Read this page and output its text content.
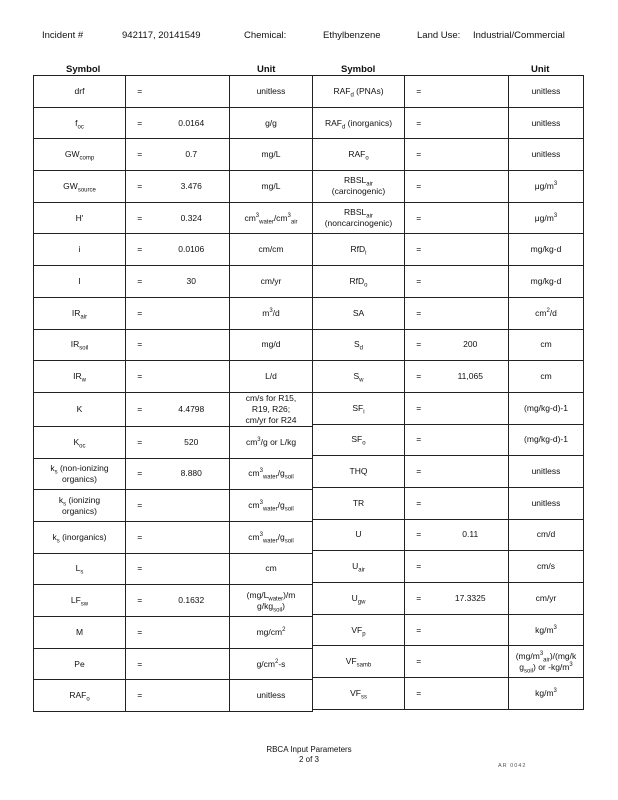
Incident #	942117, 20141549	Chemical:	Ethylbenzene	Land Use: Industrial/Commercial
Symbol	Unit	Symbol	Unit
drf	=		unitless
$f_{oc}$	=	0.0164	g/g
$GW_{comp}$	=	0.7	mg/L
$GW_{source}$	=	3.476	mg/L
H'	=	0.324	$cm^3_{water}/cm^3_{air}$
i	=	0.0106	cm/cm
I	=	30	cm/yr
$IR_{air}$	=		$m^3/d$
$IR_{soil}$	=		mg/d
$IR_w$	=		L/d
K	=	4.4798	cm/s for R15,
R19, R26;
cm/yr for R24
$K_{oc}$	=	520	$cm^3/g$ or L/kg
$k_s$ (non-ionizing
organics)	=	8.880	$cm^3_{water}/g_{soil}$
$k_s$ (ionizing
organics)	=		$cm^3_{water}/g_{soil}$
$k_s$ (inorganics)	=		$cm^3_{water}/g_{soil}$
$L_s$	=		cm
$LF_{sw}$	=	0.1632	$(mg/L_{water})/m$
$g/kg_{soil}$)
M	=		$mg/cm^2$
Pe	=		$g/cm^2-s$
$RAF_o$	=		unitless
$RAF_d$ (PNAs)	=		unitless
$RAF_d$ (inorganics)	=		unitless
$RAF_o$	=		unitless
$RBSL_{air}$
(carcinogenic)	=		$\mu g/m^3$
$RBSL_{air}$
(noncarcinogenic)	=		$\mu g/m^3$
RfD$_i$	=		mg/kg-d
RfD$_o$	=		mg/kg-d
SA	=		$cm^2/d$
$S_d$	=	200	cm
$S_w$	=	11,065	cm
$SF_i$	=		(mg/kg-d)-1
$SF_o$	=		(mg/kg-d)-1
THQ	=		unitless
TR	=		unitless
U	=	0.11	cm/d
$U_{air}$	=		cm/s
$U_{gw}$	=	17.3325	cm/yr
$VF_p$	=		$kg/m^3$
$VF_{samb}$	=		$(mg/m^3_{air})/(mg/k$
$g_{soil}$) or $-kg/m^3$
$VF_{ss}$	=		$kg/m^3$
RBCA Input Parameters
2 of 3
AR 0042
